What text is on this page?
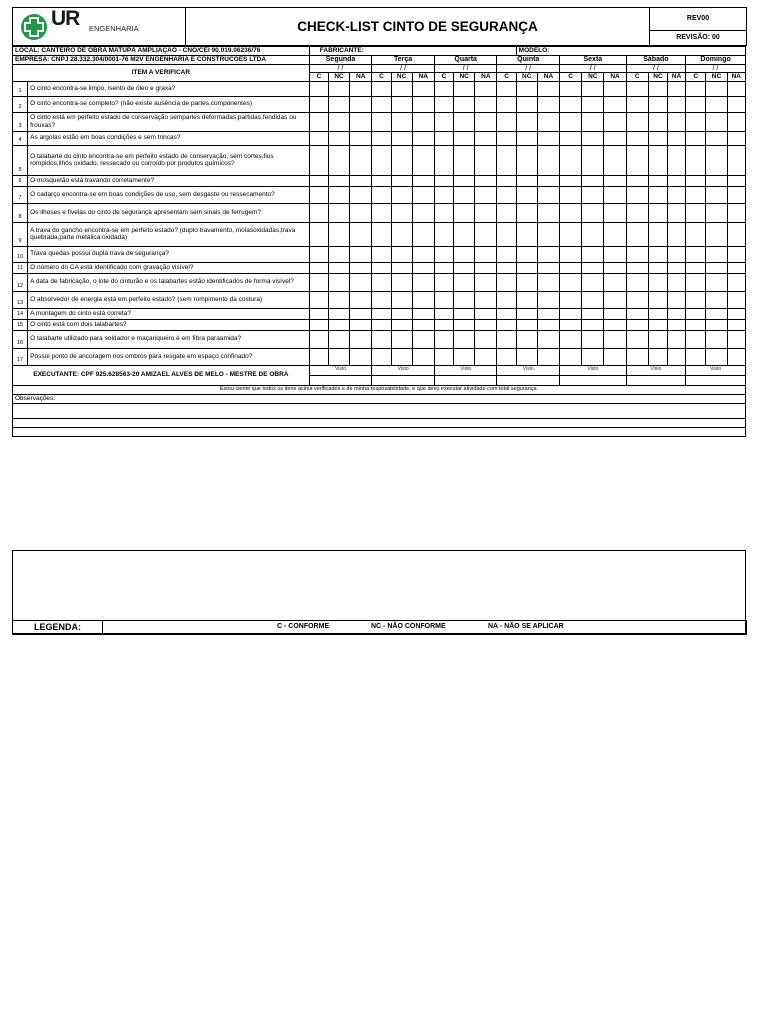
UR ENGENHARIA	CHECK-LIST CINTO DE SEGURANÇA	REV00
REVISÃO: 00
LOCAL: CANTEIRO DE OBRA MATUPÁ AMPLIAÇÃO - CNO/CEI 90.019.06236/76		FABRICANTE:										MODELO:										
EMPRESA: CNPJ 28.332.304/0001-76 M2V ENGENHARIA E CONSTRUCOES LTDA		Segunda			Terça			Quarta			Quinta			Sexta			Sábado			Domingo		
ITEM A VERIFICAR		/ /			/ /			/ /			/ /			/ /			/ /			/ /		
		C	NC	NA	C	NC	NA	C	NC	NA	C	NC	NA	C	NC	NA	C	NC	NA	C	NC	NA
1	O cinto encontra-se limpo, isento de óleo e graxa?																					
2	O cinto encontra-se completo? (não existe ausência de partes,componentes)																					
3	O cinto está em perfeito estado de conservação semparles deformadas,partidas,fendidas ou frouxas?																					
4	As argolas estão em boas condições e sem trincas?																					
5	O talabarte do cinto encontra-se em perfeito estado de conservação, sem cortes,fios rompidos,ilhós oxidado, ressecado ou corroído por produtos químicos?																					
6	O mosquetão está travando corretamente?																					
7	O cadarço encontra-se em boas condições de uso, sem desgaste ou ressecamento?																					
8	Os ilhoses e fivelas do cinto de segurança apresentam sem sinais de ferrugem?																					
9	A trava do gancho encontra-se em perfeito estado? (duplo travamento, molasoxidadas,trava quebrada,parte metálica oxidada)																					
10	Trava quedas possui dupla trava de segurança?																					
11	O número do CA está identificado com gravação visível?																					
12	A data de fabricação, o lote do cinturão e os talabartes estão identificados de forma visível?																					
13	O absorvedor de energia está em perfeito estado? (sem rompimento da costura)																					
14	A montagem do cinto está correta?																					
15	O cinto está com dois talabartes?																					
16	O talabarte utilizado para soldador e maçariqueiro é em fibra paraamida?																					
17	Possui ponto de ancoragem nos ombros para resgate em espaço confinado?																					
EXECUTANTE: CPF 925.628563-20 AMIZAEL ALVES DE MELO - MESTRE DE OBRA		Visto			Visto			Visto			Visto			Visto			Visto			Visto		

Estou ciente que todos os itens acima verificados e de minha resposabilidade, e que devo executar atividade com total segurança.																						
Observações:																						

LEGENDA:	C - CONFORME	NC - NÃO CONFORME	NA - NÃO SE APLICAR
